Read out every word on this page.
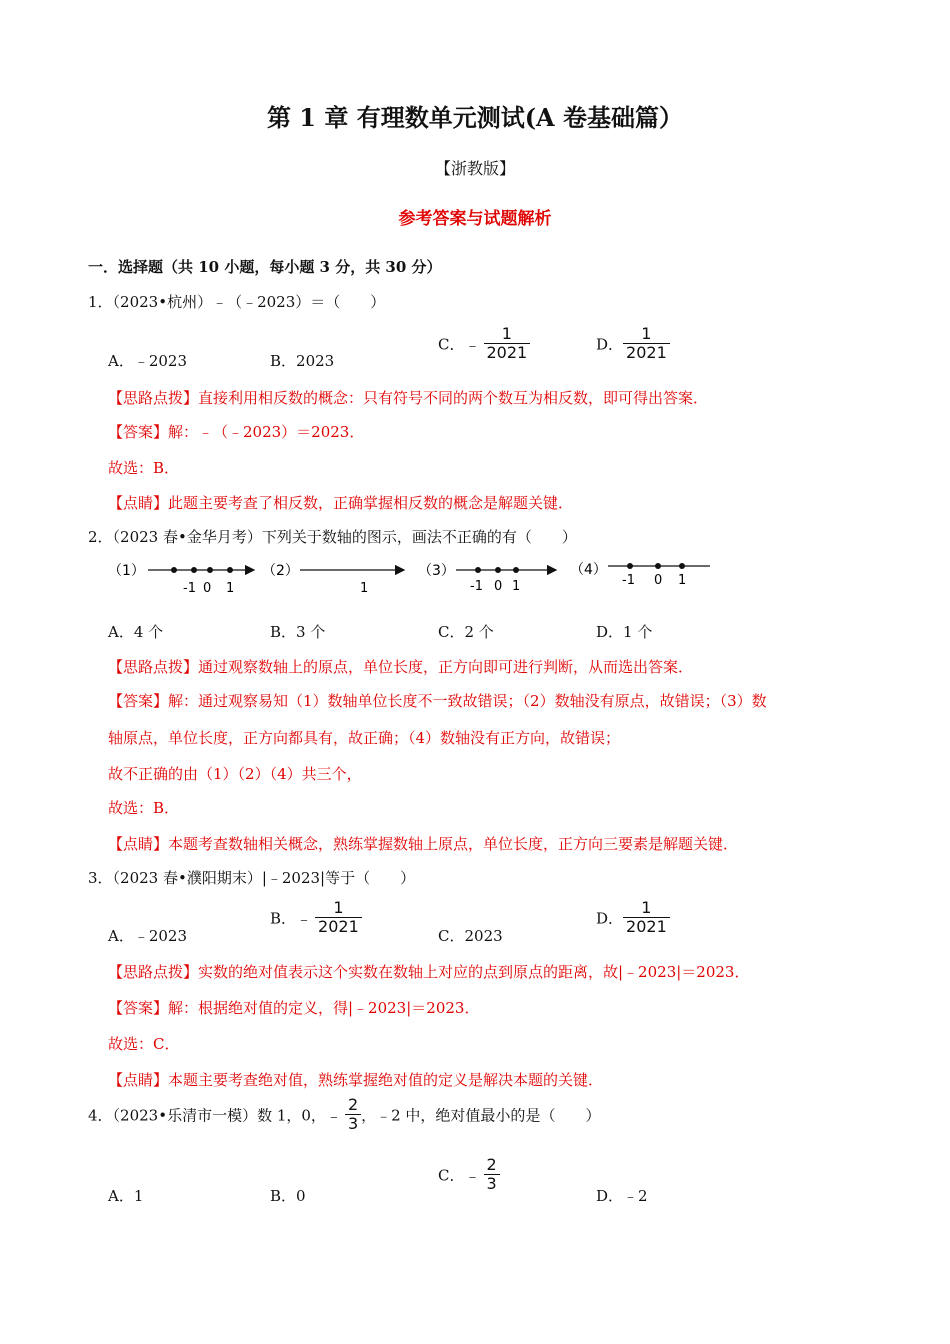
第 1 章 有理数单元测试(A 卷基础篇）
【浙教版】
参考答案与试题解析
一．选择题（共 10 小题，每小题 3 分，共 30 分）
1．（2023•杭州）﹣（﹣2023）＝（　　）
A．﹣2023	B．2023
C．﹣ $\frac{1}{2021}$	D． $\frac{1}{2021}$
【思路点拨】直接利用相反数的概念：只有符号不同的两个数互为相反数，即可得出答案．
【答案】解：﹣（﹣2023）＝2023．
故选：B．
【点睛】此题主要考查了相反数，正确掌握相反数的概念是解题关键．
2．（2023 春•金华月考）下列关于数轴的图示，画法不正确的有（　　）
（1）
-1 0 1
（2）
1
（3）
-1 0 1
（4）
-1 0 1
A．4 个	B．3 个	C．2 个	D．1 个
【思路点拨】通过观察数轴上的原点，单位长度，正方向即可进行判断，从而选出答案．
【答案】解：通过观察易知（1）数轴单位长度不一致故错误；（2）数轴没有原点，故错误；（3）数
轴原点，单位长度，正方向都具有，故正确；（4）数轴没有正方向，故错误；
故不正确的由（1）（2）（4）共三个，
故选：B．
【点睛】本题考查数轴相关概念，熟练掌握数轴上原点，单位长度，正方向三要素是解题关键．
3．（2023 春•濮阳期末）|﹣2023|等于（　　）
A．﹣2023
B．﹣ $\frac{1}{2021}$	C．2023
D． $\frac{1}{2021}$
【思路点拨】实数的绝对值表示这个实数在数轴上对应的点到原点的距离，故|﹣2023|＝2023．
【答案】解：根据绝对值的定义，得|﹣2023|＝2023．
故选：C．
【点睛】本题主要考查绝对值，熟练掌握绝对值的定义是解决本题的关键．
4．（2023•乐清市一模）数 1，0，﹣ $\frac{2}{3}$ ，﹣2 中，绝对值最小的是（　　）
A．1	B．0
C．﹣ $\frac{2}{3}$
D．﹣2
